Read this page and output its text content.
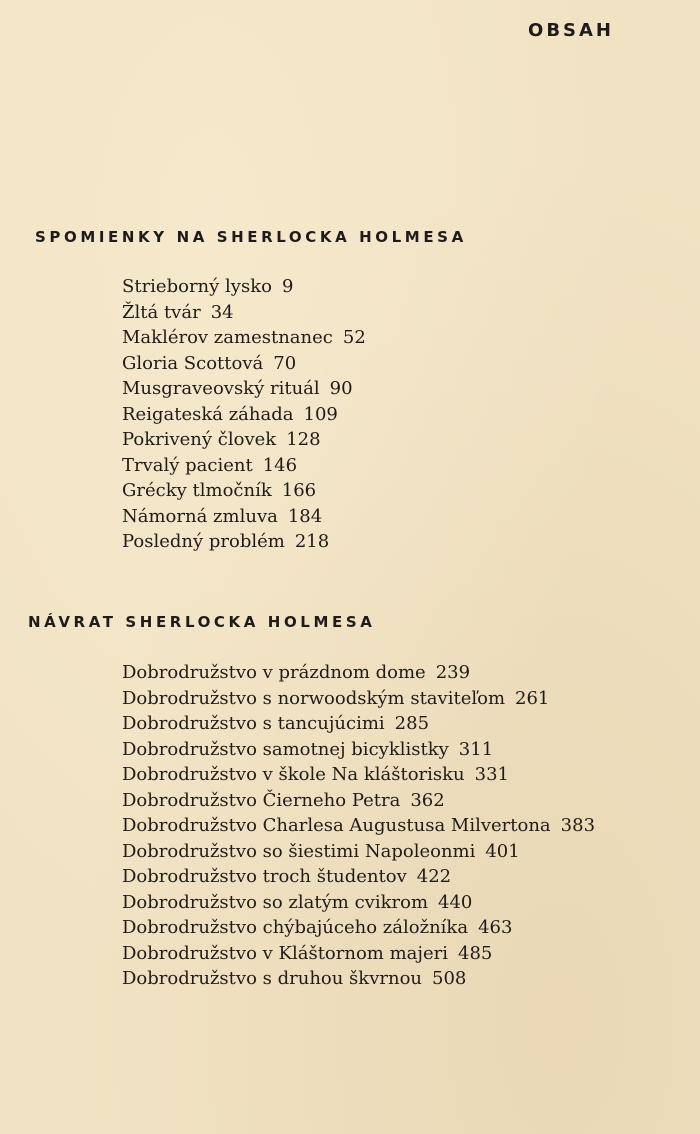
OBSAH
SPOMIENKY NA SHERLOCKA HOLMESA
Strieborný lysko 9
Žltá tvár 34
Maklérov zamestnanec 52
Gloria Scottová 70
Musgraveovský rituál 90
Reigateská záhada 109
Pokrivený človek 128
Trvalý pacient 146
Grécky tlmočník 166
Námorná zmluva 184
Posledný problém 218
NÁVRAT SHERLOCKA HOLMESA
Dobrodružstvo v prázdnom dome 239
Dobrodružstvo s norwoodským staviteľom 261
Dobrodružstvo s tancujúcimi 285
Dobrodružstvo samotnej bicyklistky 311
Dobrodružstvo v škole Na kláštorisku 331
Dobrodružstvo Čierneho Petra 362
Dobrodružstvo Charlesa Augustusa Milvertona 383
Dobrodružstvo so šiestimi Napoleonmi 401
Dobrodružstvo troch študentov 422
Dobrodružstvo so zlatým cvikrom 440
Dobrodružstvo chýbajúceho záložníka 463
Dobrodružstvo v Kláštornom majeri 485
Dobrodružstvo s druhou škvrnou 508
